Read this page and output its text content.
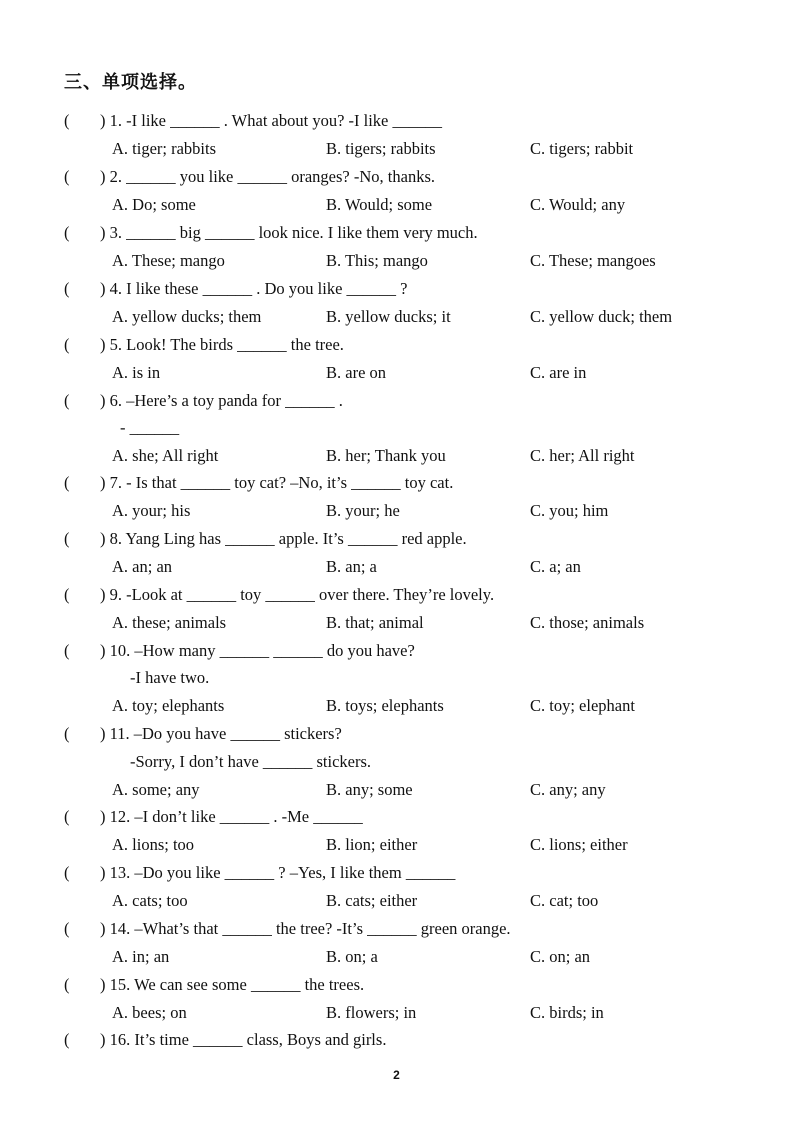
三、单项选择。
( ) 1. -I like ______ . What about you? -I like ______
A. tiger; rabbits	B. tigers; rabbits	C. tigers; rabbit
( ) 2. ______ you like ______ oranges? -No, thanks.
A. Do; some	B. Would; some	C. Would; any
( ) 3. ______ big ______ look nice. I like them very much.
A. These; mango	B. This; mango	C. These; mangoes
( ) 4. I like these ______ . Do you like ______ ?
A. yellow ducks; them	B. yellow ducks; it	C. yellow duck; them
( ) 5. Look! The birds ______ the tree.
A. is in	B. are on	C. are in
( ) 6. –Here’s a toy panda for ______ .
- ______
A. she; All right	B. her; Thank you	C. her; All right
( ) 7. - Is that ______ toy cat? –No, it’s ______ toy cat.
A. your; his	B. your; he	C. you; him
( ) 8. Yang Ling has ______ apple. It’s ______ red apple.
A. an; an	B. an; a	C. a; an
( ) 9. -Look at ______ toy ______ over there. They’re lovely.
A. these; animals	B. that; animal	C. those; animals
( ) 10. –How many ______ ______ do you have?
-I have two.
A. toy; elephants	B. toys; elephants	C. toy; elephant
( ) 11. –Do you have ______ stickers?
-Sorry, I don’t have ______ stickers.
A. some; any	B. any; some	C. any; any
( ) 12. –I don’t like ______ . -Me ______
A. lions; too	B. lion; either	C. lions; either
( ) 13. –Do you like ______ ? –Yes, I like them ______
A. cats; too	B. cats; either	C. cat; too
( ) 14. –What’s that ______ the tree? -It’s ______ green orange.
A. in; an	B. on; a	C. on; an
( ) 15. We can see some ______ the trees.
A. bees; on	B. flowers; in	C. birds; in
( ) 16. It’s time ______ class, Boys and girls.
2
